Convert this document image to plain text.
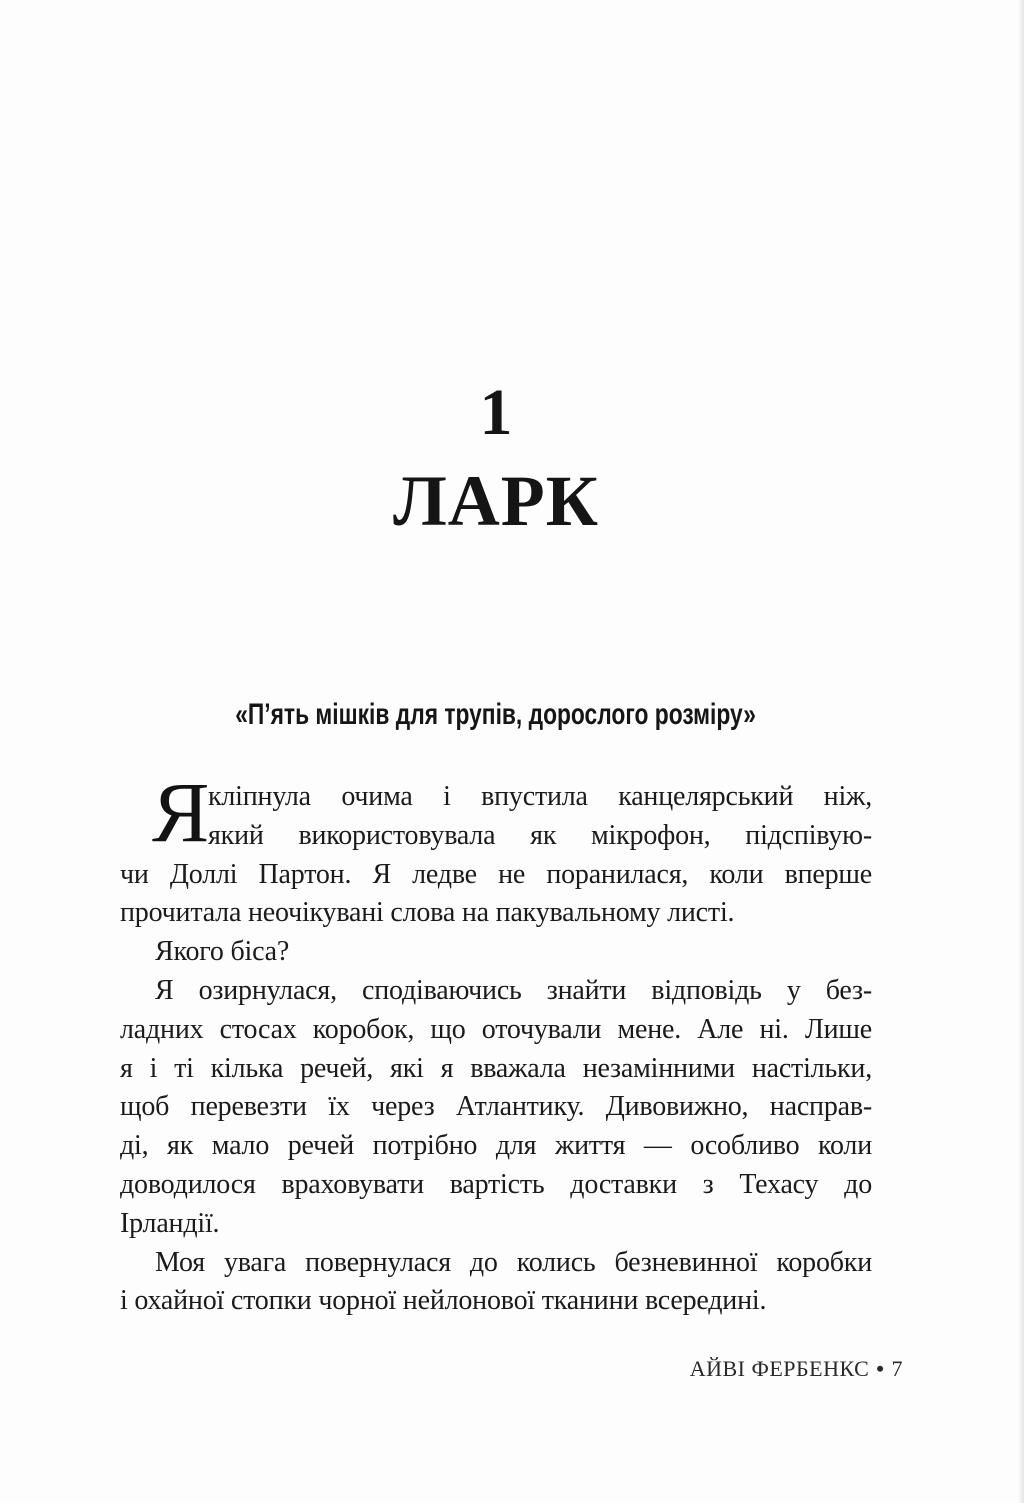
1
ЛАРК
«П’ять мішків для трупів, дорослого розміру»
Я
кліпнула очима і впустила канцелярський ніж,
який використовувала як мікрофон, підспівую-
чи Доллі Партон. Я ледве не поранилася, коли вперше
прочитала неочікувані слова на пакувальному листі.
Якого біса?
Я озирнулася, сподіваючись знайти відповідь у без-
ладних стосах коробок, що оточували мене. Але ні. Лише
я і ті кілька речей, які я вважала незамінними настільки,
щоб перевезти їх через Атлантику. Дивовижно, насправ-
ді, як мало речей потрібно для життя — особливо коли
доводилося враховувати вартість доставки з Техасу до
Ірландії.
Моя увага повернулася до колись безневинної коробки
і охайної стопки чорної нейлонової тканини всередині.
АЙВІ ФЕРБЕНКС • 7
